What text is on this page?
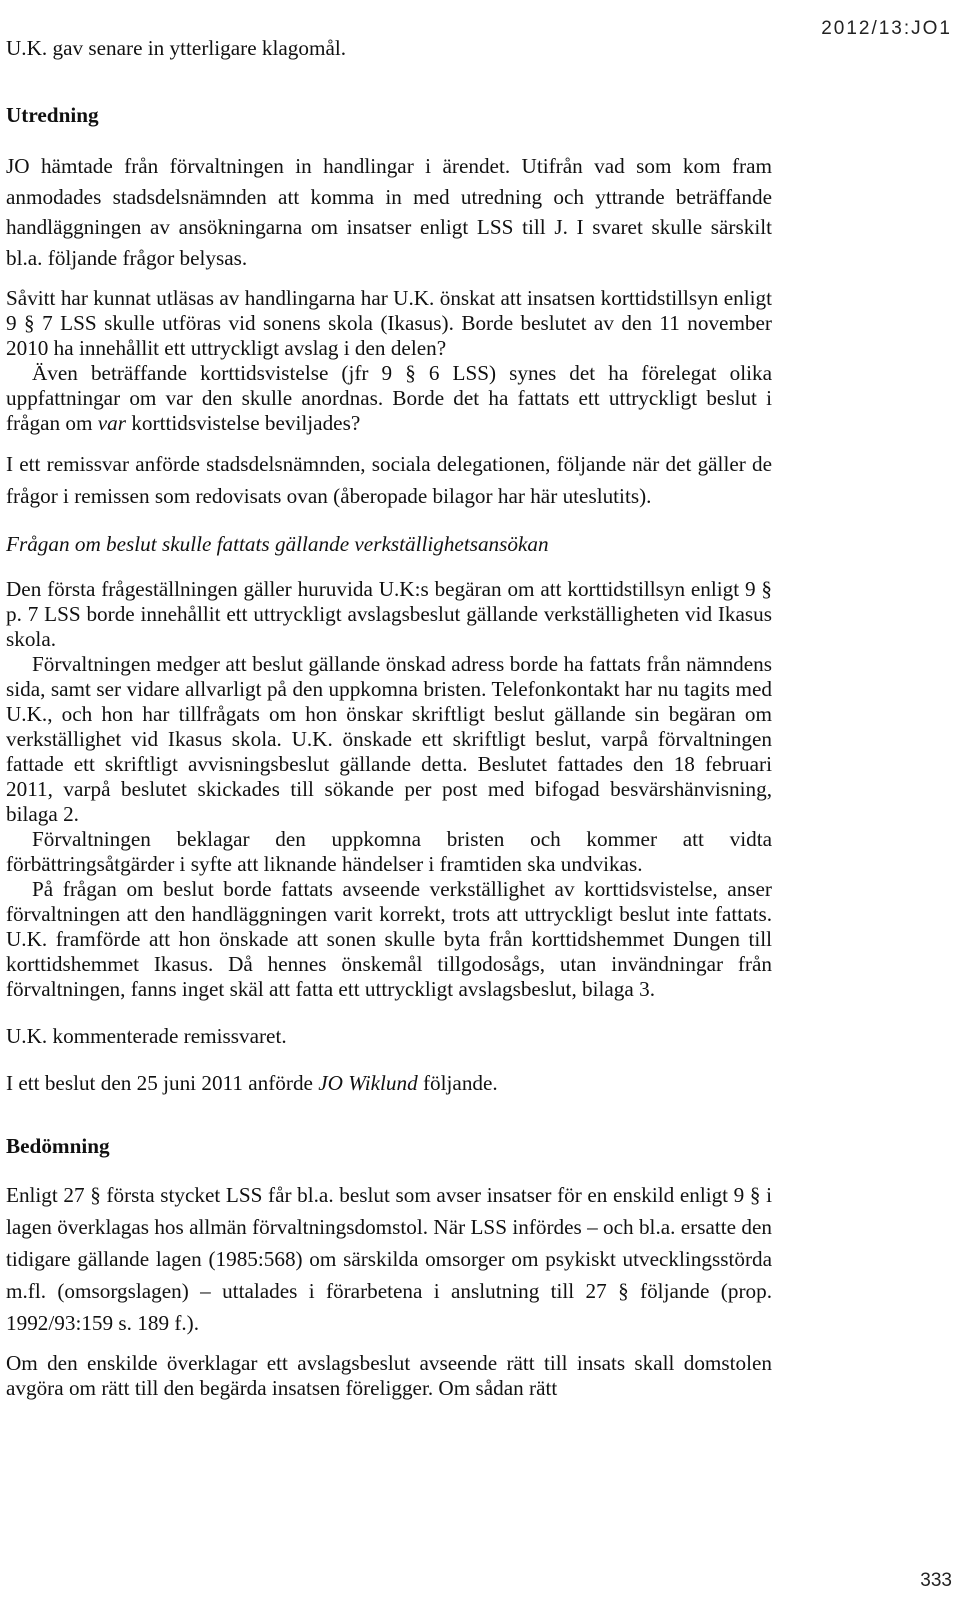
2012/13:JO1

U.K. gav senare in ytterligare klagomål.

Utredning

JO hämtade från förvaltningen in handlingar i ärendet. Utifrån vad som kom fram anmodades stadsdelsnämnden att komma in med utredning och yttrande beträffande handläggningen av ansökningarna om insatser enligt LSS till J. I svaret skulle särskilt bl.a. följande frågor belysas.

Såvitt har kunnat utläsas av handlingarna har U.K. önskat att insatsen korttidstillsyn enligt 9 § 7 LSS skulle utföras vid sonens skola (Ikasus). Borde beslutet av den 11 november 2010 ha innehållit ett uttryckligt avslag i den delen?

Även beträffande korttidsvistelse (jfr 9 § 6 LSS) synes det ha förelegat olika uppfattningar om var den skulle anordnas. Borde det ha fattats ett uttryckligt beslut i frågan om var korttidsvistelse beviljades?

I ett remissvar anförde stadsdelsnämnden, sociala delegationen, följande när det gäller de frågor i remissen som redovisats ovan (åberopade bilagor har här uteslutits).

Frågan om beslut skulle fattats gällande verkställighetsansökan

Den första frågeställningen gäller huruvida U.K:s begäran om att korttidstillsyn enligt 9 § p. 7 LSS borde innehållit ett uttryckligt avslagsbeslut gällande verkställigheten vid Ikasus skola.

Förvaltningen medger att beslut gällande önskad adress borde ha fattats från nämndens sida, samt ser vidare allvarligt på den uppkomna bristen. Telefonkontakt har nu tagits med U.K., och hon har tillfrågats om hon önskar skriftligt beslut gällande sin begäran om verkställighet vid Ikasus skola. U.K. önskade ett skriftligt beslut, varpå förvaltningen fattade ett skriftligt avvisningsbeslut gällande detta. Beslutet fattades den 18 februari 2011, varpå beslutet skickades till sökande per post med bifogad besvärshänvisning, bilaga 2.

Förvaltningen beklagar den uppkomna bristen och kommer att vidta förbättringsåtgärder i syfte att liknande händelser i framtiden ska undvikas.

På frågan om beslut borde fattats avseende verkställighet av korttidsvistelse, anser förvaltningen att den handläggningen varit korrekt, trots att uttryckligt beslut inte fattats. U.K. framförde att hon önskade att sonen skulle byta från korttidshemmet Dungen till korttidshemmet Ikasus. Då hennes önskemål tillgodosågs, utan invändningar från förvaltningen, fanns inget skäl att fatta ett uttryckligt avslagsbeslut, bilaga 3.

U.K. kommenterade remissvaret.

I ett beslut den 25 juni 2011 anförde JO Wiklund följande.

Bedömning

Enligt 27 § första stycket LSS får bl.a. beslut som avser insatser för en enskild enligt 9 § i lagen överklagas hos allmän förvaltningsdomstol. När LSS infördes – och bl.a. ersatte den tidigare gällande lagen (1985:568) om särskilda omsorger om psykiskt utvecklingsstörda m.fl. (omsorgslagen) – uttalades i förarbetena i anslutning till 27 § följande (prop. 1992/93:159 s. 189 f.).

Om den enskilde överklagar ett avslagsbeslut avseende rätt till insats skall domstolen avgöra om rätt till den begärda insatsen föreligger. Om sådan rätt

333
